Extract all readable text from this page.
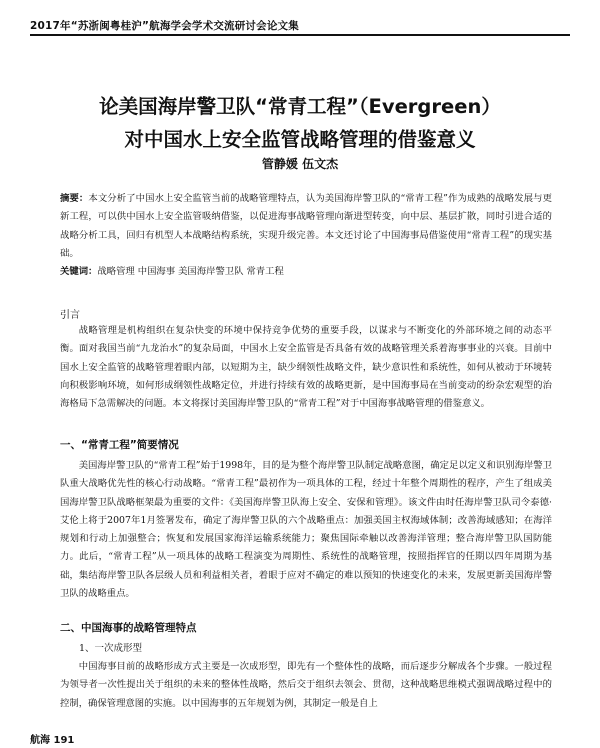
2017年“苏浙闽粤桂沪”航海学会学术交流研讨会论文集
论美国海岸警卫队“常青工程”（Evergreen）
对中国水上安全监管战略管理的借鉴意义
管静媛 伍文杰
摘要：本文分析了中国水上安全监管当前的战略管理特点，认为美国海岸警卫队的“常青工程”作为成熟的战略发展与更新工程，可以供中国水上安全监管吸纳借鉴，以促进海事战略管理向渐进型转变，向中层、基层扩散，同时引进合适的战略分析工具，回归有机型人本战略结构系统，实现升级完善。本文还讨论了中国海事局借鉴使用“常青工程”的现实基础。
关键词：战略管理 中国海事 美国海岸警卫队 常青工程
引言
战略管理是机构组织在复杂快变的环境中保持竞争优势的重要手段，以谋求与不断变化的外部环境之间的动态平衡。面对我国当前“九龙治水”的复杂局面，中国水上安全监管是否具备有效的战略管理关系着海事事业的兴衰。目前中国水上安全监管的战略管理着眼内部，以短期为主，缺少纲领性战略文件，缺少意识性和系统性，如何从被动于环境转向积极影响环境，如何形成纲领性战略定位，并进行持续有效的战略更新，是中国海事局在当前变动的纷杂宏观型的治海格局下急需解决的问题。本文将探讨美国海岸警卫队的“常青工程”对于中国海事战略管理的借鉴意义。
一、“常青工程”简要情况
美国海岸警卫队的“常青工程”始于1998年，目的是为整个海岸警卫队制定战略意图，确定足以定义和识别海岸警卫队重大战略优先性的核心行动战略。“常青工程”最初作为一项具体的工程，经过十年整个周期性的程序，产生了组成美国海岸警卫队战略框架最为重要的文件：《美国海岸警卫队海上安全、安保和管理》。该文件由时任海岸警卫队司令泰德·艾伦上将于2007年1月签署发布，确定了海岸警卫队的六个战略重点：加强美国主权海域体制；改善海域感知；在海洋规划和行动上加强整合；恢复和发展国家海洋运输系统能力；聚焦国际牵触以改善海洋管理；整合海岸警卫队国防能力。此后，“常青工程”从一项具体的战略工程演变为周期性、系统性的战略管理，按照指挥官的任期以四年周期为基础，集结海岸警卫队各层级人员和利益相关者，着眼于应对不确定的难以预知的快速变化的未来，发展更新美国海岸警卫队的战略重点。
二、中国海事的战略管理特点
1、一次成形型
中国海事目前的战略形成方式主要是一次成形型，即先有一个整体性的战略，而后逐步分解成各个步骤。一般过程为领导者一次性提出关于组织的未来的整体性战略，然后交于组织去领会、贯彻，这种战略思维模式强调战略过程中的控制，确保管理意图的实施。以中国海事的五年规划为例，其制定一般是自上
航海 191
